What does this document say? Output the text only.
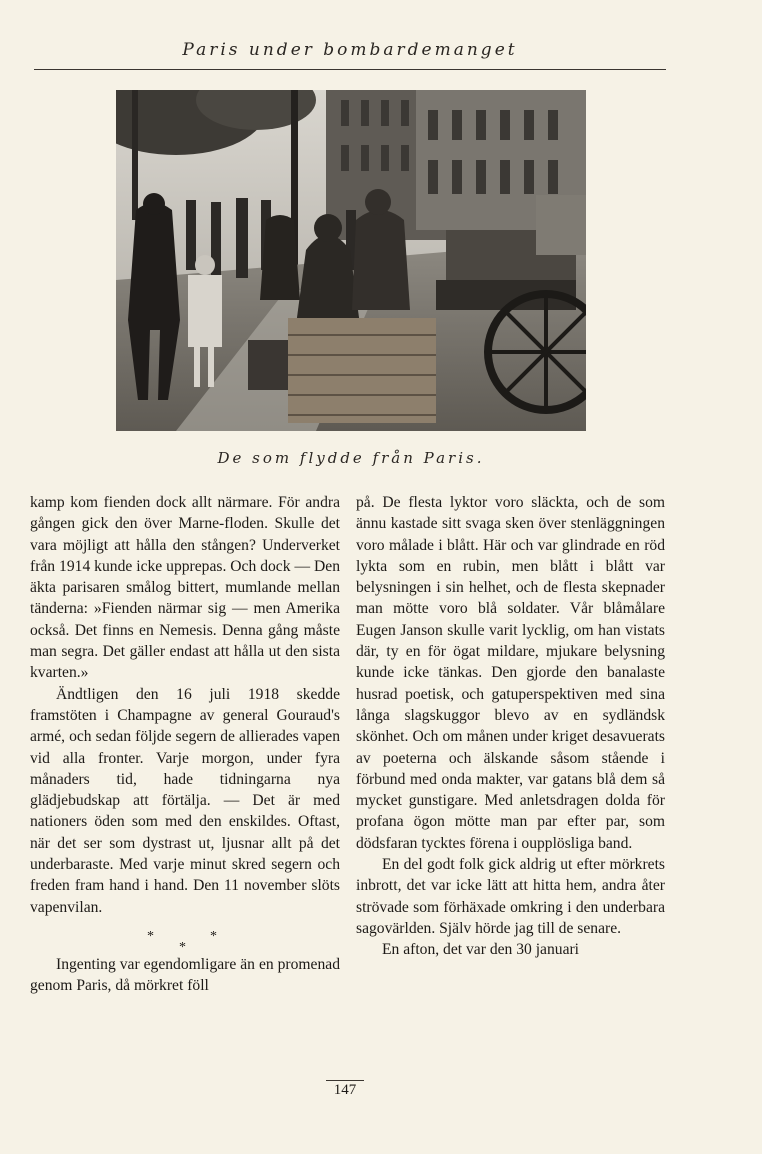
Paris under bombardemanget
De som flydde från Paris.

kamp kom fienden dock allt närmare. För andra gången gick den över Marne-floden. Skulle det vara möjligt att hålla den stången? Underverket från 1914 kunde icke upprepas. Och dock — Den äkta parisaren smålog bittert, mumlande mellan tänderna: »Fienden närmar sig — men Amerika också. Det finns en Nemesis. Denna gång måste man segra. Det gäller endast att hålla ut den sista kvarten.»

Ändtligen den 16 juli 1918 skedde framstöten i Champagne av general Gouraud's armé, och sedan följde segern de allierades vapen vid alla fronter. Varje morgon, under fyra månaders tid, hade tidningarna nya glädjebudskap att förtälja. — Det är med nationers öden som med den enskildes. Oftast, när det ser som dystrast ut, ljusnar allt på det underbaraste. Med varje minut skred segern och freden fram hand i hand. Den 11 november slöts vapenvilan.

*	*
*

Ingenting var egendomligare än en promenad genom Paris, då mörkret föll

på. De flesta lyktor voro släckta, och de som ännu kastade sitt svaga sken över stenläggningen voro målade i blått. Här och var glindrade en röd lykta som en rubin, men blått i blått var belysningen i sin helhet, och de flesta skepnader man mötte voro blå soldater. Vår blåmålare Eugen Janson skulle varit lycklig, om han vistats där, ty en för ögat mildare, mjukare belysning kunde icke tänkas. Den gjorde den banalaste husrad poetisk, och gatuperspektiven med sina långa slagskuggor blevo av en sydländsk skönhet. Och om månen under kriget desavuerats av poeterna och älskande såsom stående i förbund med onda makter, var gatans blå dem så mycket gunstigare. Med anletsdragen dolda för profana ögon mötte man par efter par, som dödsfaran tycktes förena i oupplösliga band.

En del godt folk gick aldrig ut efter mörkrets inbrott, det var icke lätt att hitta hem, andra åter strövade som förhäxade omkring i den underbara sagovärlden. Själv hörde jag till de senare.

En afton, det var den 30 januari

147
